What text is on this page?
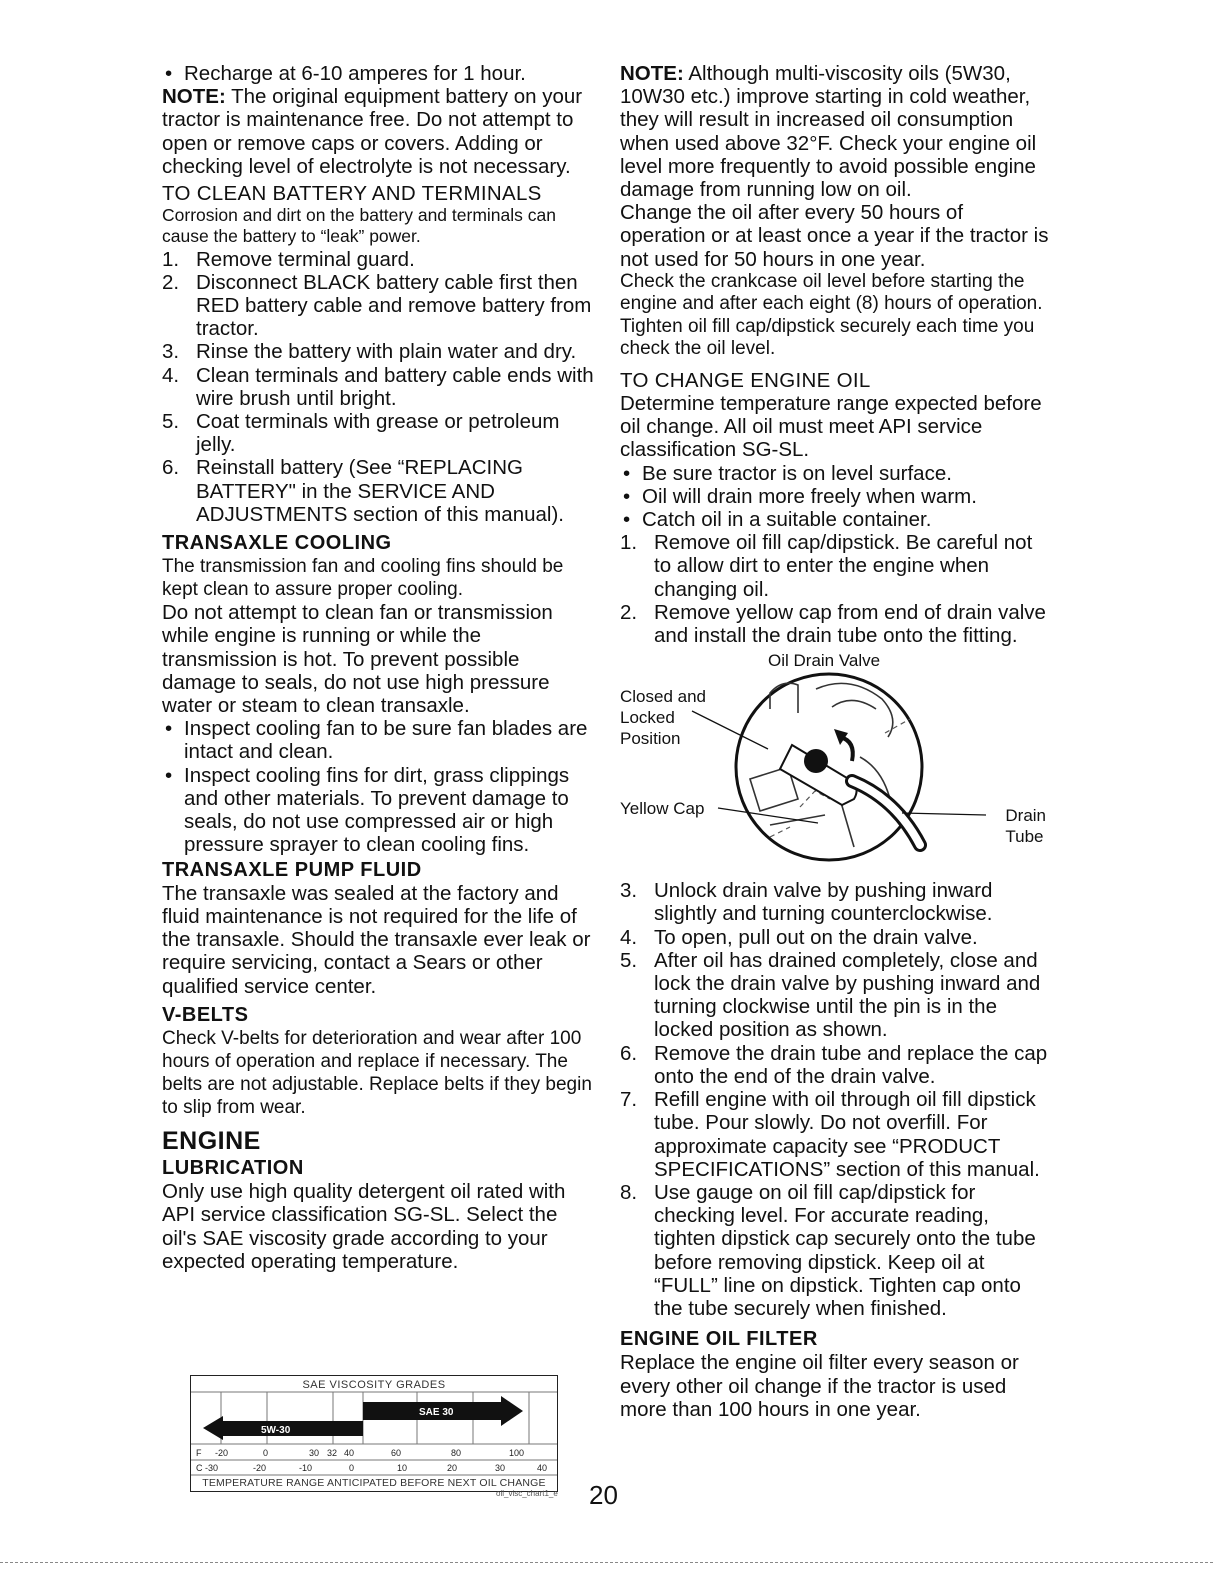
• Recharge at 6-10 amperes for 1 hour.

NOTE: The original equipment battery on your tractor is maintenance free. Do not attempt to open or remove caps or covers. Adding or checking level of electrolyte is not necessary.

TO CLEAN BATTERY AND TERMINALS

Corrosion and dirt on the battery and terminals can cause the battery to “leak” power.

1. Remove terminal guard.
2. Disconnect BLACK battery cable first then RED battery cable and remove battery from tractor.
3. Rinse the battery with plain water and dry.
4. Clean terminals and battery cable ends with wire brush until bright.
5. Coat terminals with grease or petroleum jelly.
6. Reinstall battery (See “REPLACING BATTERY" in the SERVICE AND ADJUSTMENTS section of this manual).

TRANSAXLE COOLING

The transmission fan and cooling fins should be kept clean to assure proper cooling.

Do not attempt to clean fan or transmission while engine is running or while the transmission is hot. To prevent possible damage to seals, do not use high pressure water or steam to clean transaxle.

• Inspect cooling fan to be sure fan blades are intact and clean.
• Inspect cooling fins for dirt, grass clippings and other materials. To prevent damage to seals, do not use compressed air or high pressure sprayer to clean cooling fins.

TRANSAXLE PUMP FLUID

The transaxle was sealed at the factory and fluid maintenance is not required for the life of the transaxle. Should the transaxle ever leak or require servicing, contact a Sears or other qualified service center.

V-BELTS

Check V-belts for deterioration and wear after 100 hours of operation and replace if necessary. The belts are not adjustable. Replace belts if they begin to slip from wear.

ENGINE

LUBRICATION

Only use high quality detergent oil rated with API service classification SG-SL. Select the oil's SAE viscosity grade according to your expected operating temperature.

SAE VISCOSITY GRADES
5W-30
SAE 30
F -20	0	30 32 40	60	80	100
C -30	-20	-10	0	10	20	30	40
TEMPERATURE RANGE ANTICIPATED BEFORE NEXT OIL CHANGE
oil_visc_chart1_e 20

NOTE: Although multi-viscosity oils (5W30, 10W30 etc.) improve starting in cold weather, they will result in increased oil consumption when used above 32°F. Check your engine oil level more frequently to avoid possible engine damage from running low on oil.

Change the oil after every 50 hours of operation or at least once a year if the tractor is not used for 50 hours in one year.

Check the crankcase oil level before starting the engine and after each eight (8) hours of operation. Tighten oil fill cap/dipstick securely each time you check the oil level.

TO CHANGE ENGINE OIL

Determine temperature range expected before oil change. All oil must meet API service classification SG-SL.

• Be sure tractor is on level surface.
• Oil will drain more freely when warm.
• Catch oil in a suitable container.
1. Remove oil fill cap/dipstick. Be careful not to allow dirt to enter the engine when changing oil.
2. Remove yellow cap from end of drain valve and install the drain tube onto the fitting.
Oil Drain Valve
Closed and
Locked
Position
Yellow Cap	Drain
Tube
3. Unlock drain valve by pushing inward slightly and turning counterclockwise.
4. To open, pull out on the drain valve.
5. After oil has drained completely, close and lock the drain valve by pushing inward and turning clockwise until the pin is in the locked position as shown.
6. Remove the drain tube and replace the cap onto the end of the drain valve.
7. Refill engine with oil through oil fill dipstick tube. Pour slowly. Do not overfill. For approximate capacity see “PRODUCT SPECIFICATIONS” section of this manual.
8. Use gauge on oil fill cap/dipstick for checking level. For accurate reading, tighten dipstick cap securely onto the tube before removing dipstick. Keep oil at “FULL” line on dipstick. Tighten cap onto the tube securely when finished.

ENGINE OIL FILTER

Replace the engine oil filter every season or every other oil change if the tractor is used more than 100 hours in one year.
